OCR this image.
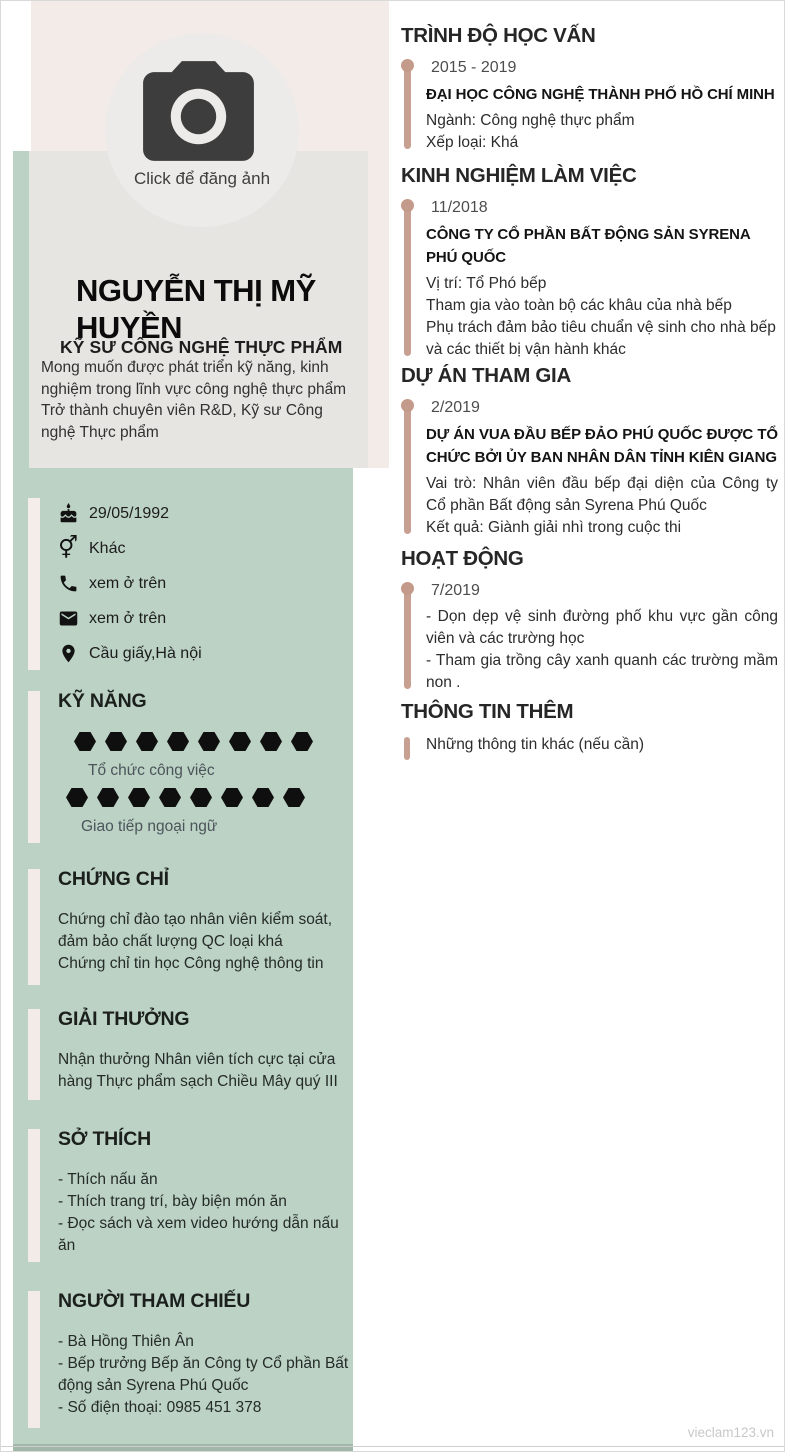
Click để đăng ảnh
NGUYỄN THỊ MỸ HUYỀN
KỸ SƯ CÔNG NGHỆ THỰC PHẨM
Mong muốn được phát triển kỹ năng, kinh nghiệm trong lĩnh vực công nghệ thực phẩm Trở thành chuyên viên R&D, Kỹ sư Công nghệ Thực phẩm
29/05/1992
⚥ Khác
xem ở trên
xem ở trên
Cầu giấy,Hà nội
KỸ NĂNG
Tổ chức công việc
Giao tiếp ngoại ngữ
CHỨNG CHỈ
Chứng chỉ đào tạo nhân viên kiểm soát, đảm bảo chất lượng QC loại khá
Chứng chỉ tin học Công nghệ thông tin
GIẢI THƯỞNG
Nhận thưởng Nhân viên tích cực tại cửa hàng Thực phẩm sạch Chiều Mây quý III
SỞ THÍCH
- Thích nấu ăn
- Thích trang trí, bày biện món ăn
- Đọc sách và xem video hướng dẫn nấu ăn
NGƯỜI THAM CHIẾU
- Bà Hồng Thiên Ân
- Bếp trưởng Bếp ăn Công ty Cổ phần Bất động sản Syrena Phú Quốc
- Số điện thoại: 0985 451 378
TRÌNH ĐỘ HỌC VẤN
2015 - 2019
ĐẠI HỌC CÔNG NGHỆ THÀNH PHỐ HỒ CHÍ MINH
Ngành: Công nghệ thực phẩm
Xếp loại: Khá
KINH NGHIỆM LÀM VIỆC
11/2018
CÔNG TY CỔ PHẦN BẤT ĐỘNG SẢN SYRENA PHÚ QUỐC
Vị trí: Tổ Phó bếp
Tham gia vào toàn bộ các khâu của nhà bếp
Phụ trách đảm bảo tiêu chuẩn vệ sinh cho nhà bếp và các thiết bị vận hành khác
DỰ ÁN THAM GIA
2/2019
DỰ ÁN VUA ĐẦU BẾP ĐẢO PHÚ QUỐC ĐƯỢC TỔ CHỨC BỞI ỦY BAN NHÂN DÂN TỈNH KIÊN GIANG
Vai trò: Nhân viên đầu bếp đại diện của Công ty Cổ phần Bất động sản Syrena Phú Quốc
Kết quả: Giành giải nhì trong cuộc thi
HOẠT ĐỘNG
7/2019
- Dọn dẹp vệ sinh đường phố khu vực gần công viên và các trường học
- Tham gia trồng cây xanh quanh các trường mầm non .
THÔNG TIN THÊM
Những thông tin khác (nếu cần)
vieclam123.vn
